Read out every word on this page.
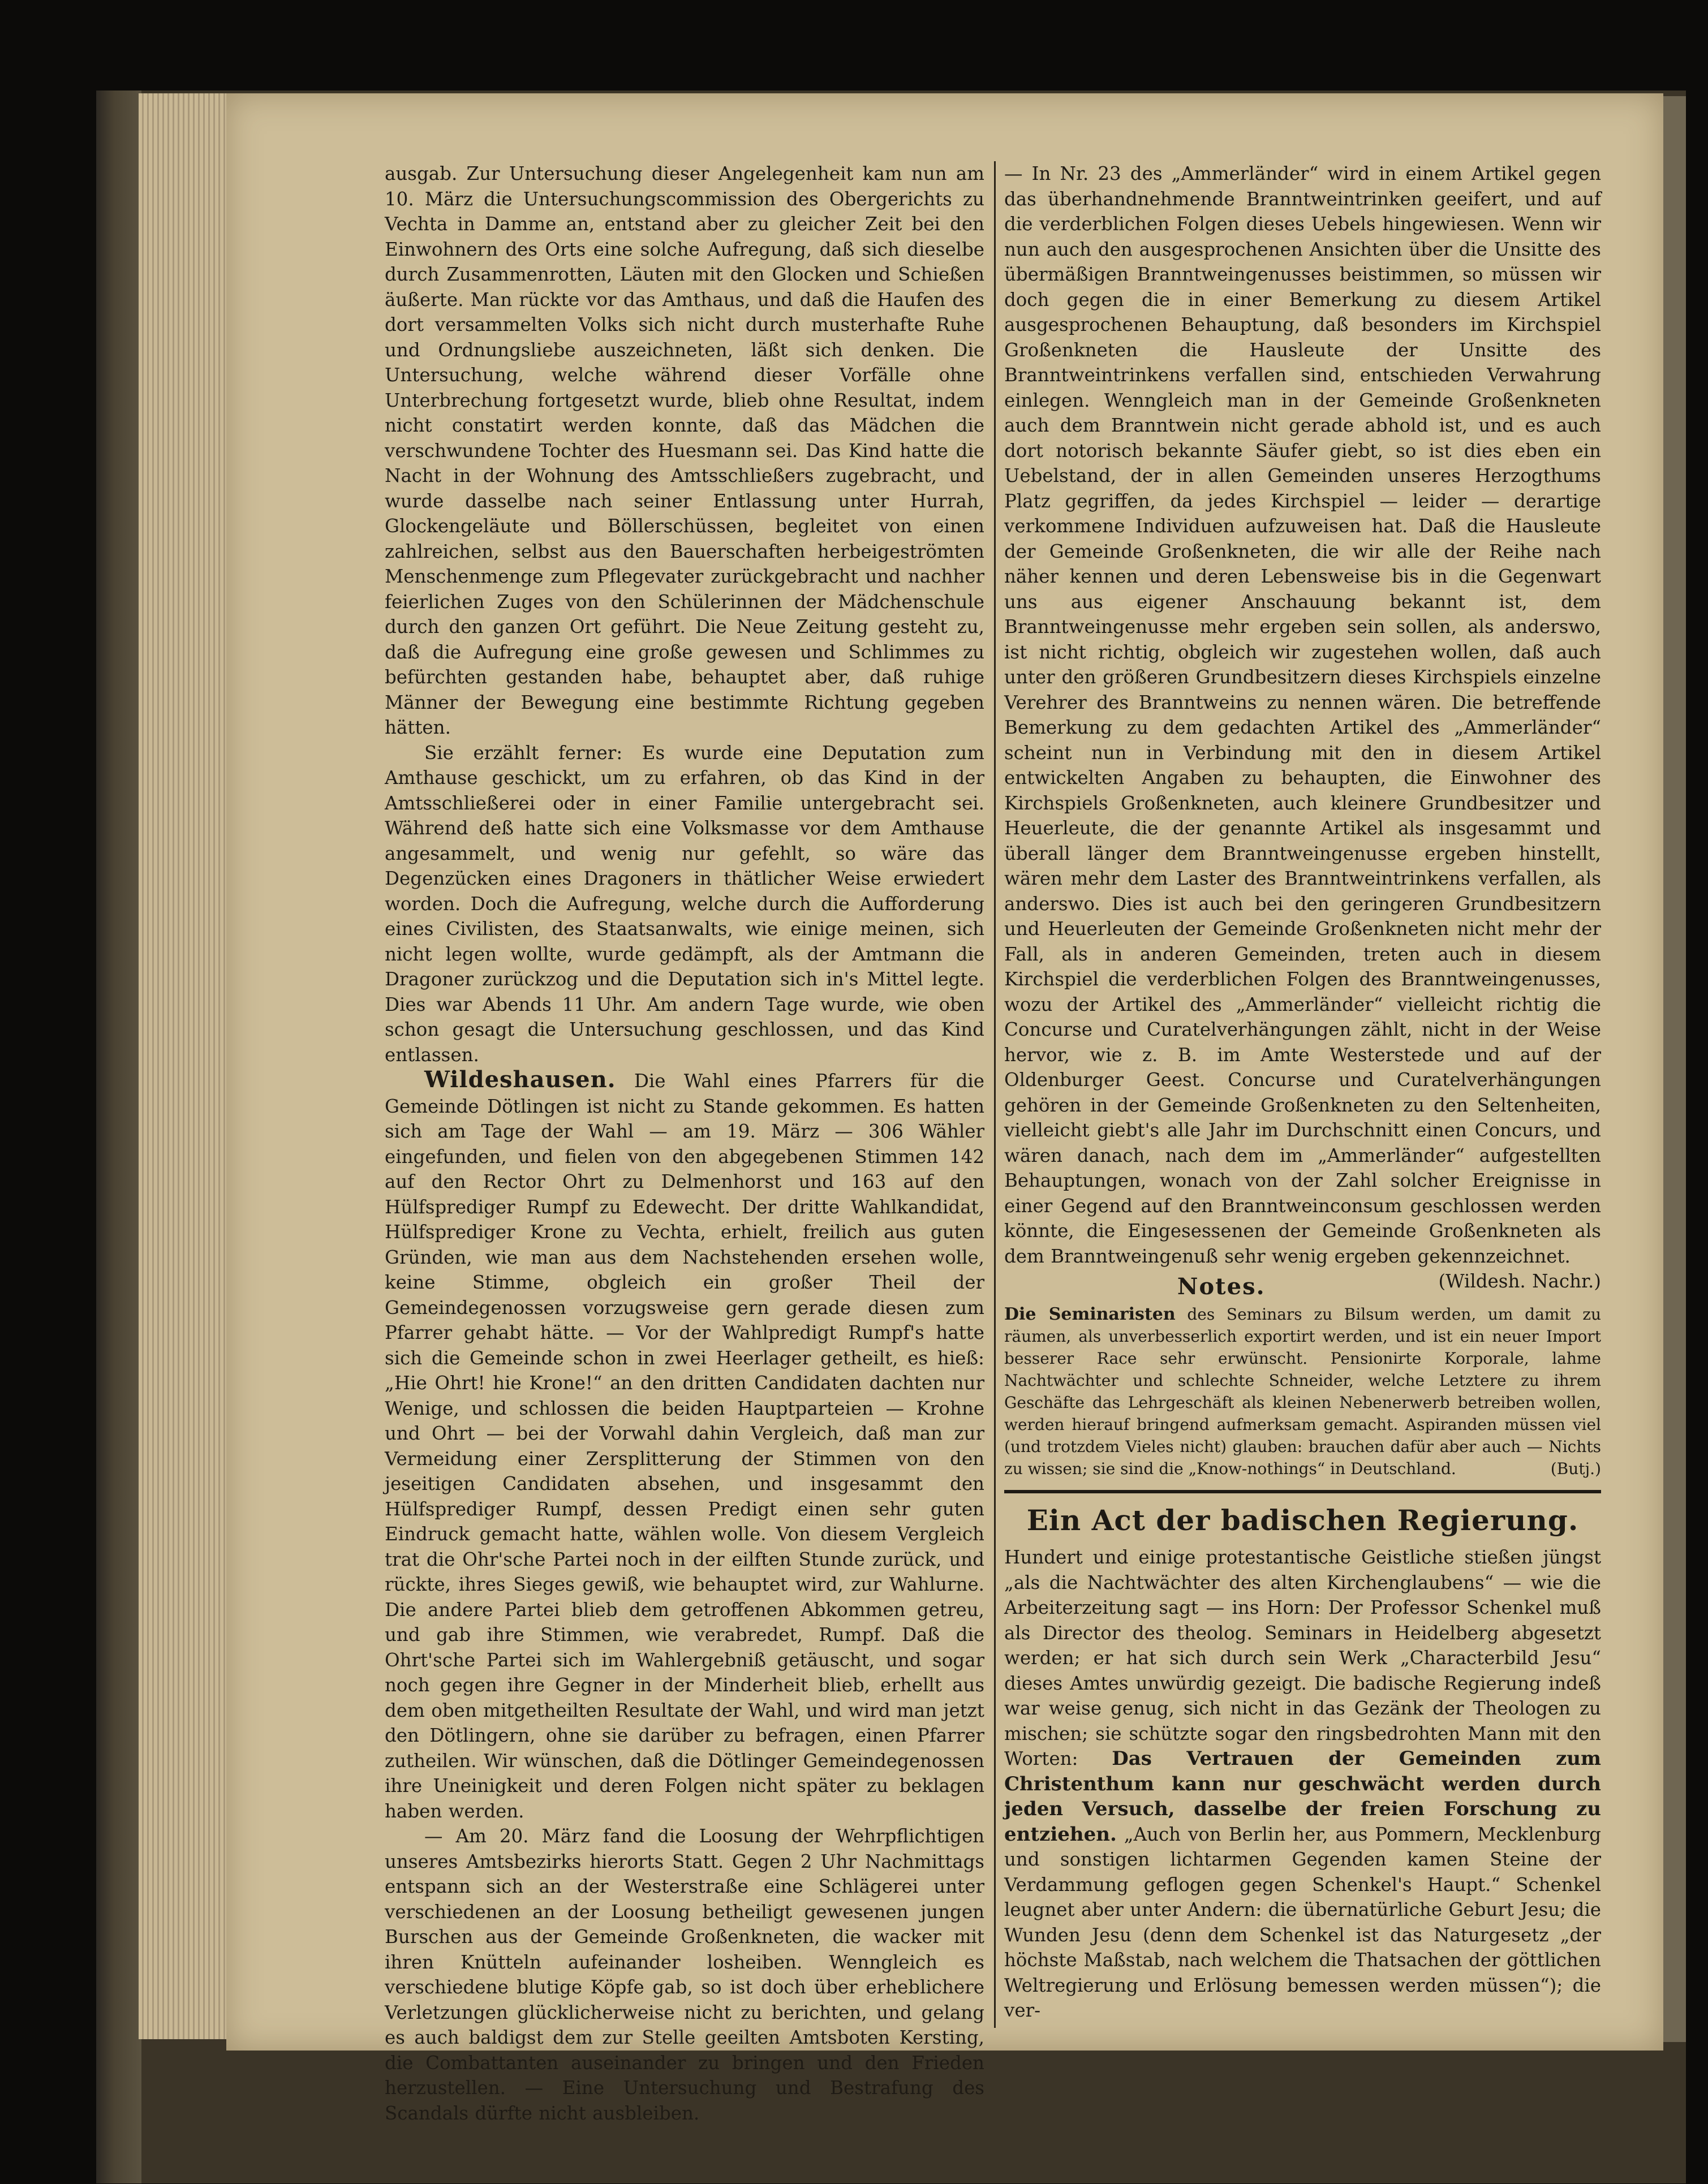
ausgab. Zur Untersuchung dieser Angelegenheit kam nun am 10. März die Untersuchungscommission des Obergerichts zu Vechta in Damme an, entstand aber zu gleicher Zeit bei den Einwohnern des Orts eine solche Aufregung, daß sich dieselbe durch Zusammenrotten, Läuten mit den Glocken und Schießen äußerte. Man rückte vor das Amthaus, und daß die Haufen des dort versammelten Volks sich nicht durch musterhafte Ruhe und Ordnungsliebe auszeichneten, läßt sich denken. Die Untersuchung, welche während dieser Vorfälle ohne Unterbrechung fortgesetzt wurde, blieb ohne Resultat, indem nicht constatirt werden konnte, daß das Mädchen die verschwundene Tochter des Huesmann sei. Das Kind hatte die Nacht in der Wohnung des Amtsschließers zugebracht, und wurde dasselbe nach seiner Entlassung unter Hurrah, Glockengeläute und Böllerschüssen, begleitet von einen zahlreichen, selbst aus den Bauerschaften herbeigeströmten Menschenmenge zum Pflegevater zurückgebracht und nachher feierlichen Zuges von den Schülerinnen der Mädchenschule durch den ganzen Ort geführt. Die Neue Zeitung gesteht zu, daß die Aufregung eine große gewesen und Schlimmes zu befürchten gestanden habe, behauptet aber, daß ruhige Männer der Bewegung eine bestimmte Richtung gegeben hätten.

Sie erzählt ferner: Es wurde eine Deputation zum Amthause geschickt, um zu erfahren, ob das Kind in der Amtsschließerei oder in einer Familie untergebracht sei. Während deß hatte sich eine Volksmasse vor dem Amthause angesammelt, und wenig nur gefehlt, so wäre das Degenzücken eines Dragoners in thätlicher Weise erwiedert worden. Doch die Aufregung, welche durch die Aufforderung eines Civilisten, des Staatsanwalts, wie einige meinen, sich nicht legen wollte, wurde gedämpft, als der Amtmann die Dragoner zurückzog und die Deputation sich in's Mittel legte. Dies war Abends 11 Uhr. Am andern Tage wurde, wie oben schon gesagt die Untersuchung geschlossen, und das Kind entlassen.

Wildeshausen. Die Wahl eines Pfarrers für die Gemeinde Dötlingen ist nicht zu Stande gekommen. Es hatten sich am Tage der Wahl — am 19. März — 306 Wähler eingefunden, und fielen von den abgegebenen Stimmen 142 auf den Rector Ohrt zu Delmenhorst und 163 auf den Hülfsprediger Rumpf zu Edewecht. Der dritte Wahlkandidat, Hülfsprediger Krone zu Vechta, erhielt, freilich aus guten Gründen, wie man aus dem Nachstehenden ersehen wolle, keine Stimme, obgleich ein großer Theil der Gemeindegenossen vorzugsweise gern gerade diesen zum Pfarrer gehabt hätte. — Vor der Wahlpredigt Rumpf's hatte sich die Gemeinde schon in zwei Heerlager getheilt, es hieß: „Hie Ohrt! hie Krone!“ an den dritten Candidaten dachten nur Wenige, und schlossen die beiden Hauptparteien — Krohne und Ohrt — bei der Vorwahl dahin Vergleich, daß man zur Vermeidung einer Zersplitterung der Stimmen von den jeseitigen Candidaten absehen, und insgesammt den Hülfsprediger Rumpf, dessen Predigt einen sehr guten Eindruck gemacht hatte, wählen wolle. Von diesem Vergleich trat die Ohr'sche Partei noch in der eilften Stunde zurück, und rückte, ihres Sieges gewiß, wie behauptet wird, zur Wahlurne. Die andere Partei blieb dem getroffenen Abkommen getreu, und gab ihre Stimmen, wie verabredet, Rumpf. Daß die Ohrt'sche Partei sich im Wahlergebniß getäuscht, und sogar noch gegen ihre Gegner in der Minderheit blieb, erhellt aus dem oben mitgetheilten Resultate der Wahl, und wird man jetzt den Dötlingern, ohne sie darüber zu befragen, einen Pfarrer zutheilen. Wir wünschen, daß die Dötlinger Gemeindegenossen ihre Uneinigkeit und deren Folgen nicht später zu beklagen haben werden.

— Am 20. März fand die Loosung der Wehrpflichtigen unseres Amtsbezirks hierorts Statt. Gegen 2 Uhr Nachmittags entspann sich an der Westerstraße eine Schlägerei unter verschiedenen an der Loosung betheiligt gewesenen jungen Burschen aus der Gemeinde Großenkneten, die wacker mit ihren Knütteln aufeinander losheiben. Wenngleich es verschiedene blutige Köpfe gab, so ist doch über erheblichere Verletzungen glücklicherweise nicht zu berichten, und gelang es auch baldigst dem zur Stelle geeilten Amtsboten Kersting, die Combattanten auseinander zu bringen und den Frieden herzustellen. — Eine Untersuchung und Bestrafung des Scandals dürfte nicht ausbleiben.

— In Nr. 23 des „Ammerländer“ wird in einem Artikel gegen das überhandnehmende Branntweintrinken geeifert, und auf die verderblichen Folgen dieses Uebels hingewiesen. Wenn wir nun auch den ausgesprochenen Ansichten über die Unsitte des übermäßigen Branntweingenusses beistimmen, so müssen wir doch gegen die in einer Bemerkung zu diesem Artikel ausgesprochenen Behauptung, daß besonders im Kirchspiel Großenkneten die Hausleute der Unsitte des Branntweintrinkens verfallen sind, entschieden Verwahrung einlegen. Wenngleich man in der Gemeinde Großenkneten auch dem Branntwein nicht gerade abhold ist, und es auch dort notorisch bekannte Säufer giebt, so ist dies eben ein Uebelstand, der in allen Gemeinden unseres Herzogthums Platz gegriffen, da jedes Kirchspiel — leider — derartige verkommene Individuen aufzuweisen hat. Daß die Hausleute der Gemeinde Großenkneten, die wir alle der Reihe nach näher kennen und deren Lebensweise bis in die Gegenwart uns aus eigener Anschauung bekannt ist, dem Branntweingenusse mehr ergeben sein sollen, als anderswo, ist nicht richtig, obgleich wir zugestehen wollen, daß auch unter den größeren Grundbesitzern dieses Kirchspiels einzelne Verehrer des Branntweins zu nennen wären. Die betreffende Bemerkung zu dem gedachten Artikel des „Ammerländer“ scheint nun in Verbindung mit den in diesem Artikel entwickelten Angaben zu behaupten, die Einwohner des Kirchspiels Großenkneten, auch kleinere Grundbesitzer und Heuerleute, die der genannte Artikel als insgesammt und überall länger dem Branntweingenusse ergeben hinstellt, wären mehr dem Laster des Branntweintrinkens verfallen, als anderswo. Dies ist auch bei den geringeren Grundbesitzern und Heuerleuten der Gemeinde Großenkneten nicht mehr der Fall, als in anderen Gemeinden, treten auch in diesem Kirchspiel die verderblichen Folgen des Branntweingenusses, wozu der Artikel des „Ammerländer“ vielleicht richtig die Concurse und Curatelverhängungen zählt, nicht in der Weise hervor, wie z. B. im Amte Westerstede und auf der Oldenburger Geest. Concurse und Curatelverhängungen gehören in der Gemeinde Großenkneten zu den Seltenheiten, vielleicht giebt's alle Jahr im Durchschnitt einen Concurs, und wären danach, nach dem im „Ammerländer“ aufgestellten Behauptungen, wonach von der Zahl solcher Ereignisse in einer Gegend auf den Branntweinconsum geschlossen werden könnte, die Eingesessenen der Gemeinde Großenkneten als dem Branntweingenuß sehr wenig ergeben gekennzeichnet.
(Wildesh. Nachr.)

Notes.

Die Seminaristen des Seminars zu Bilsum werden, um damit zu räumen, als unverbesserlich exportirt werden, und ist ein neuer Import besserer Race sehr erwünscht. Pensionirte Korporale, lahme Nachtwächter und schlechte Schneider, welche Letztere zu ihrem Geschäfte das Lehrgeschäft als kleinen Nebenerwerb betreiben wollen, werden hierauf bringend aufmerksam gemacht. Aspiranden müssen viel (und trotzdem Vieles nicht) glauben: brauchen dafür aber auch — Nichts zu wissen; sie sind die „Know-nothings“ in Deutschland.	(Butj.)

Ein Act der badischen Regierung.

Hundert und einige protestantische Geistliche stießen jüngst „als die Nachtwächter des alten Kirchenglaubens“ — wie die Arbeiterzeitung sagt — ins Horn: Der Professor Schenkel muß als Director des theolog. Seminars in Heidelberg abgesetzt werden; er hat sich durch sein Werk „Characterbild Jesu“ dieses Amtes unwürdig gezeigt. Die badische Regierung indeß war weise genug, sich nicht in das Gezänk der Theologen zu mischen; sie schützte sogar den ringsbedrohten Mann mit den Worten: Das Vertrauen der Gemeinden zum Christenthum kann nur geschwächt werden durch jeden Versuch, dasselbe der freien Forschung zu entziehen. „Auch von Berlin her, aus Pommern, Mecklenburg und sonstigen lichtarmen Gegenden kamen Steine der Verdammung geflogen gegen Schenkel's Haupt.“ Schenkel leugnet aber unter Andern: die übernatürliche Geburt Jesu; die Wunden Jesu (denn dem Schenkel ist das Naturgesetz „der höchste Maßstab, nach welchem die Thatsachen der göttlichen Weltregierung und Erlösung bemessen werden müssen“); die ver-
